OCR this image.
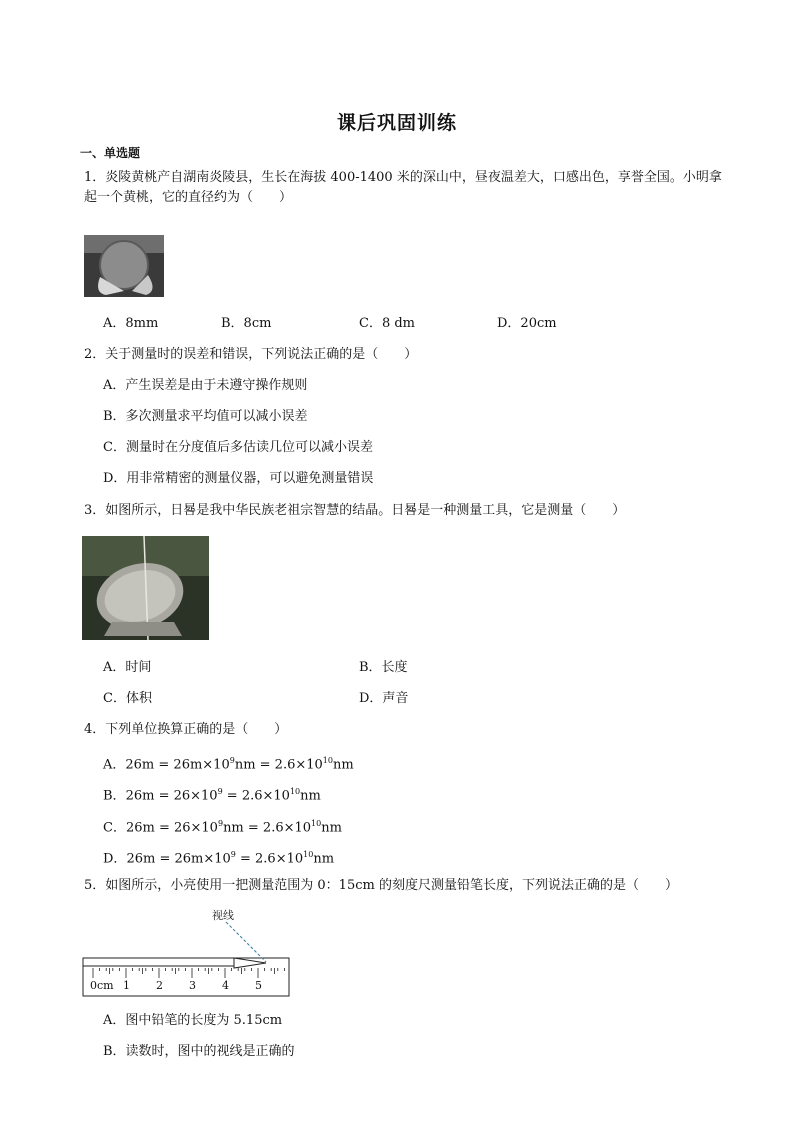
课后巩固训练
一、单选题
1．炎陵黄桃产自湖南炎陵县，生长在海拔 400-1400 米的深山中，昼夜温差大，口感出色，享誉全国。小明拿
起一个黄桃，它的直径约为（　　）
A．8mm	B．8cm	C．8 dm	D．20cm
2．关于测量时的误差和错误，下列说法正确的是（　　）
A．产生误差是由于未遵守操作规则
B．多次测量求平均值可以减小误差
C．测量时在分度值后多估读几位可以减小误差
D．用非常精密的测量仪器，可以避免测量错误
3．如图所示，日晷是我中华民族老祖宗智慧的结晶。日晷是一种测量工具，它是测量（　　）
A．时间	B．长度
C．体积	D．声音
4．下列单位换算正确的是（　　）
A．$26m = 26m\times 10^9nm = 2.6\times 10^{10}nm$
B．$26m = 26\times 10^9 = 2.6\times 10^{10}nm$
C．$26m = 26\times 10^9nm = 2.6\times 10^{10}nm$
D．$26m = 26m\times 10^9 = 2.6\times 10^{10}nm$
5．如图所示，小亮使用一把测量范围为 0：15cm 的刻度尺测量铅笔长度，下列说法正确的是（　　）
视线
0cm 1 2 3 4 5
A．图中铅笔的长度为 5.15cm
B．读数时，图中的视线是正确的
